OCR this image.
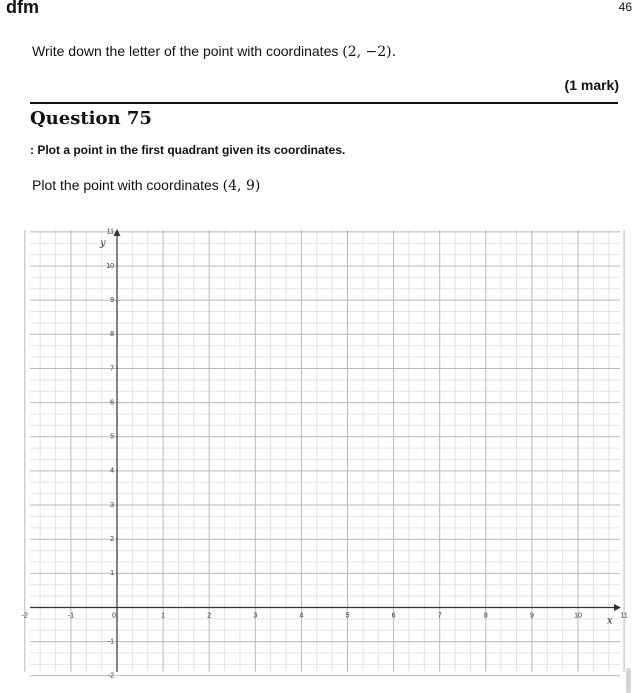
dfm	46
Write down the letter of the point with coordinates (2, −2).
(1 mark)
Question 75
: Plot a point in the first quadrant given its coordinates.
Plot the point with coordinates (4, 9)
-2	-1	0	1	2	3	4	5	6	7	8	9	10	11
-2
-1
1
2
3
4
5
6
7
8
9
10
11
x
y
